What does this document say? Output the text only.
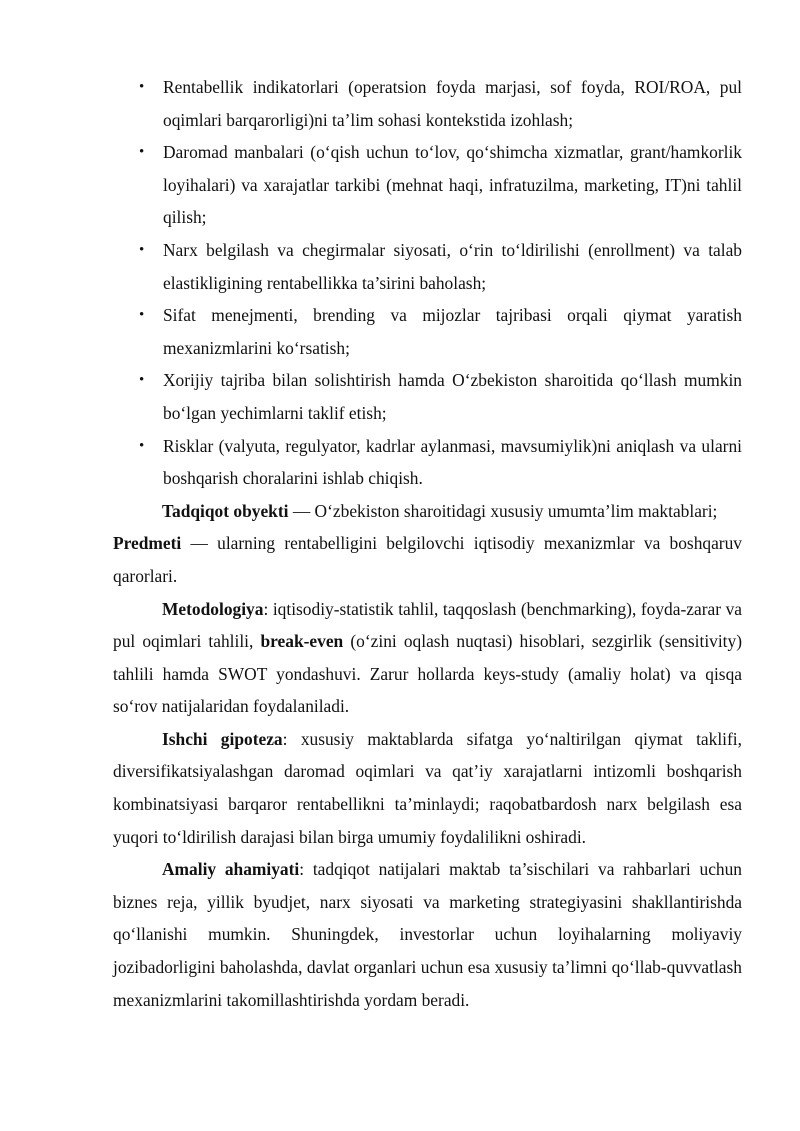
• Rentabellik indikatorlari (operatsion foyda marjasi, sof foyda, ROI/ROA, pul oqimlari barqarorligi)ni ta’lim sohasi kontekstida izohlash;
• Daromad manbalari (o‘qish uchun to‘lov, qo‘shimcha xizmatlar, grant/hamkorlik loyihalari) va xarajatlar tarkibi (mehnat haqi, infratuzilma, marketing, IT)ni tahlil qilish;
• Narx belgilash va chegirmalar siyosati, o‘rin to‘ldirilishi (enrollment) va talab elastikligining rentabellikka ta’sirini baholash;
• Sifat menejmenti, brending va mijozlar tajribasi orqali qiymat yaratish mexanizmlarini ko‘rsatish;
• Xorijiy tajriba bilan solishtirish hamda O‘zbekiston sharoitida qo‘llash mumkin bo‘lgan yechimlarni taklif etish;
• Risklar (valyuta, regulyator, kadrlar aylanmasi, mavsumiylik)ni aniqlash va ularni boshqarish choralarini ishlab chiqish.

Tadqiqot obyekti — O‘zbekiston sharoitidagi xususiy umumta’lim maktablari;

Predmeti — ularning rentabelligini belgilovchi iqtisodiy mexanizmlar va boshqaruv qarorlari.

Metodologiya: iqtisodiy-statistik tahlil, taqqoslash (benchmarking), foyda-zarar va pul oqimlari tahlili, break-even (o‘zini oqlash nuqtasi) hisoblari, sezgirlik (sensitivity) tahlili hamda SWOT yondashuvi. Zarur hollarda keys-study (amaliy holat) va qisqa so‘rov natijalaridan foydalaniladi.

Ishchi gipoteza: xususiy maktablarda sifatga yo‘naltirilgan qiymat taklifi, diversifikatsiyalashgan daromad oqimlari va qat’iy xarajatlarni intizomli boshqarish kombinatsiyasi barqaror rentabellikni ta’minlaydi; raqobatbardosh narx belgilash esa yuqori to‘ldirilish darajasi bilan birga umumiy foydalilikni oshiradi.

Amaliy ahamiyati: tadqiqot natijalari maktab ta’sischilari va rahbarlari uchun biznes reja, yillik byudjet, narx siyosati va marketing strategiyasini shakllantirishda qo‘llanishi mumkin. Shuningdek, investorlar uchun loyihalarning moliyaviy jozibadorligini baholashda, davlat organlari uchun esa xususiy ta’limni qo‘llab-quvvatlash mexanizmlarini takomillashtirishda yordam beradi.
